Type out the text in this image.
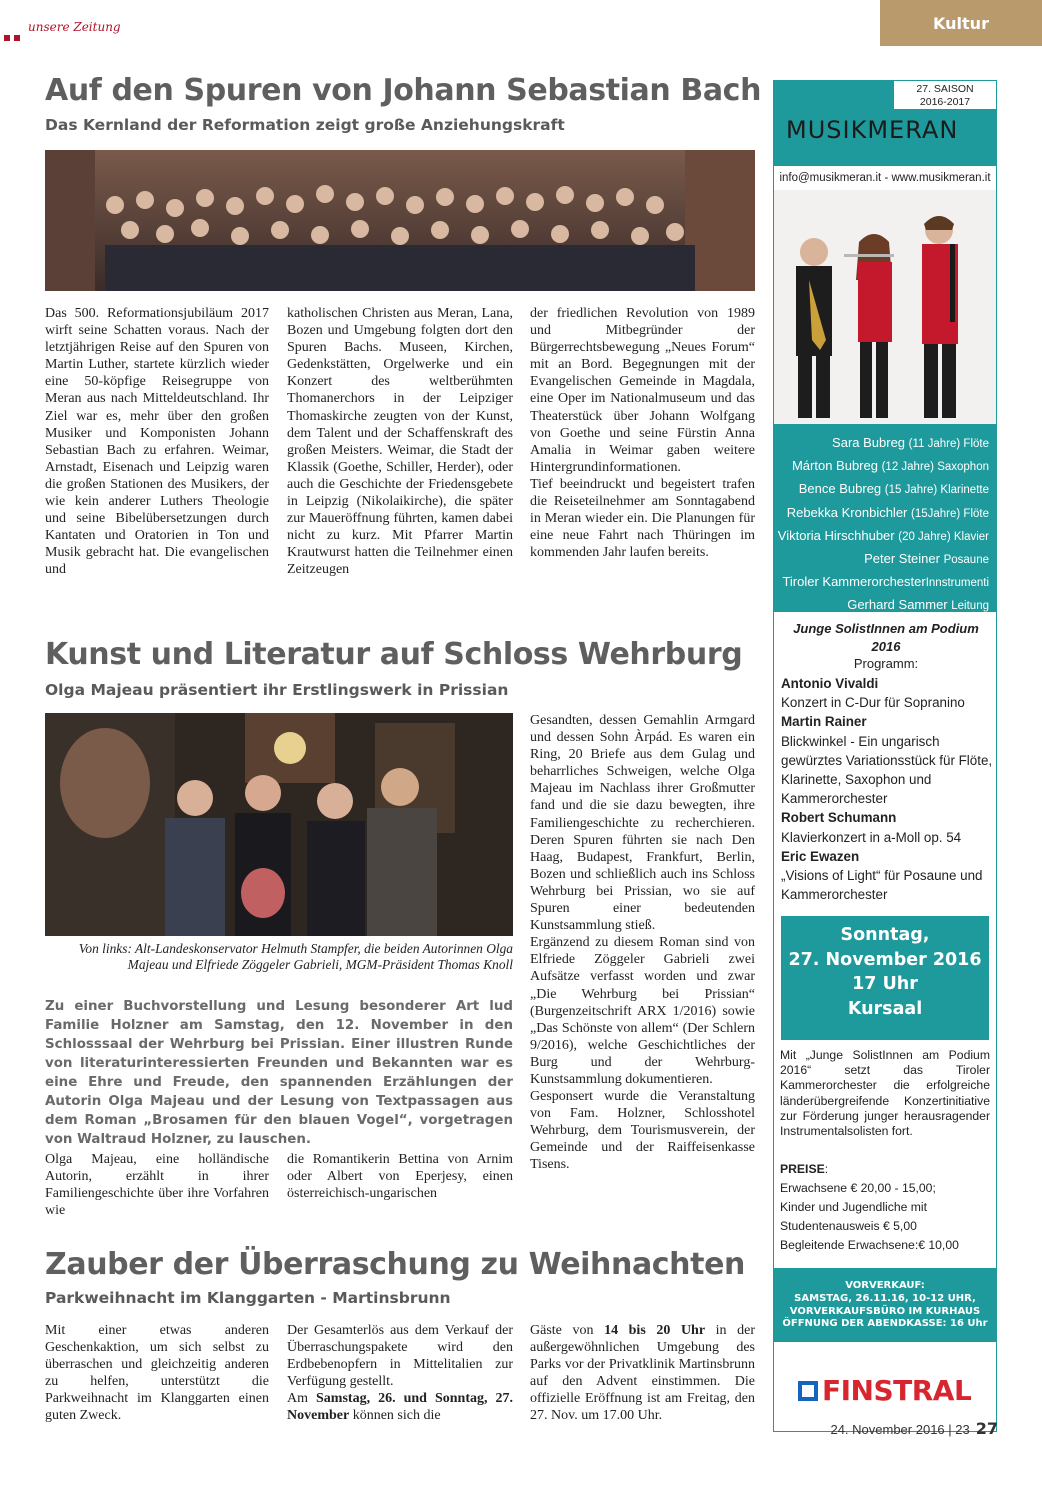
unsere Zeitung	Kultur
Auf den Spuren von Johann Sebastian Bach
Das Kernland der Reformation zeigt große Anziehungskraft
Das 500. Reformationsjubiläum 2017 wirft seine Schatten voraus. Nach der letztjährigen Reise auf den Spuren von Martin Luther, startete kürzlich wieder eine 50-köpfige Reisegruppe von Meran aus nach Mitteldeutschland. Ihr Ziel war es, mehr über den großen Musiker und Komponisten Johann Sebastian Bach zu erfahren. Weimar, Arnstadt, Eisenach und Leipzig waren die großen Stationen des Musikers, der wie kein anderer Luthers Theologie und seine Bibelübersetzungen durch Kantaten und Oratorien in Ton und Musik gebracht hat. Die evangelischen und
katholischen Christen aus Meran, Lana, Bozen und Umgebung folgten dort den Spuren Bachs. Museen, Kirchen, Gedenkstätten, Orgelwerke und ein Konzert des weltberühmten Thomanerchors in der Leipziger Thomaskirche zeugten von der Kunst, dem Talent und der Schaffenskraft des großen Meisters. Weimar, die Stadt der Klassik (Goethe, Schiller, Herder), oder auch die Geschichte der Friedensgebete in Leipzig (Nikolaikirche), die später zur Maueröffnung führten, kamen dabei nicht zu kurz. Mit Pfarrer Martin Krautwurst hatten die Teilnehmer einen Zeitzeugen
der friedlichen Revolution von 1989 und Mitbegründer der Bürgerrechtsbewegung „Neues Forum“ mit an Bord. Begegnungen mit der Evangelischen Gemeinde in Magdala, eine Oper im Nationalmuseum und das Theaterstück über Johann Wolfgang von Goethe und seine Fürstin Anna Amalia in Weimar gaben weitere Hintergrundinformationen.
Tief beeindruckt und begeistert trafen die Reiseteilnehmer am Sonntagabend in Meran wieder ein. Die Planungen für eine neue Fahrt nach Thüringen im kommenden Jahr laufen bereits.
Kunst und Literatur auf Schloss Wehrburg
Olga Majeau präsentiert ihr Erstlingswerk in Prissian
Von links: Alt-Landeskonservator Helmuth Stampfer, die beiden Autorinnen Olga Majeau und Elfriede Zöggeler Gabrieli, MGM-Präsident Thomas Knoll
Zu einer Buchvorstellung und Lesung besonderer Art lud Familie Holzner am Samstag, den 12. November in den Schlosssaal der Wehrburg bei Prissian. Einer illustren Runde von literaturinteressierten Freunden und Bekannten war es eine Ehre und Freude, den spannenden Erzählungen der Autorin Olga Majeau und der Lesung von Textpassagen aus dem Roman „Brosamen für den blauen Vogel“, vorgetragen von Waltraud Holzner, zu lauschen.
Olga Majeau, eine holländische Autorin, erzählt in ihrer Familiengeschichte über ihre Vorfahren wie
die Romantikerin Bettina von Arnim oder Albert von Eperjesy, einen österreichisch-ungarischen
Gesandten, dessen Gemahlin Armgard und dessen Sohn Àrpád. Es waren ein Ring, 20 Briefe aus dem Gulag und beharrliches Schweigen, welche Olga Majeau im Nachlass ihrer Großmutter fand und die sie dazu bewegten, ihre Familiengeschichte zu recherchieren. Deren Spuren führten sie nach Den Haag, Budapest, Frankfurt, Berlin, Bozen und schließlich auch ins Schloss Wehrburg bei Prissian, wo sie auf Spuren einer bedeutenden Kunstsammlung stieß.
Ergänzend zu diesem Roman sind von Elfriede Zöggeler Gabrieli zwei Aufsätze verfasst worden und zwar „Die Wehrburg bei Prissian“ (Burgenzeitschrift ARX 1/2016) sowie „Das Schönste von allem“ (Der Schlern 9/2016), welche Geschichtliches der Burg und der Wehrburg-Kunstsammlung dokumentieren.
Gesponsert wurde die Veranstaltung von Fam. Holzner, Schlosshotel Wehrburg, dem Tourismusverein, der Gemeinde und der Raiffeisenkasse Tisens.
Zauber der Überraschung zu Weihnachten
Parkweihnacht im Klanggarten - Martinsbrunn
Mit einer etwas anderen Geschenkaktion, um sich selbst zu überraschen und gleichzeitig anderen zu helfen, unterstützt die Parkweihnacht im Klanggarten einen guten Zweck.
Der Gesamterlös aus dem Verkauf der Überraschungspakete wird den Erdbebenopfern in Mittelitalien zur Verfügung gestellt.
Am Samstag, 26. und Sonntag, 27. November können sich die
Gäste von 14 bis 20 Uhr in der außergewöhnlichen Umgebung des Parks vor der Privatklinik Martinsbrunn auf den Advent einstimmen. Die offizielle Eröffnung ist am Freitag, den 27. Nov. um 17.00 Uhr.
27. SAISON
2016-2017
MUSIKMERAN
info@musikmeran.it - www.musikmeran.it
Sara Bubreg (11 Jahre) Flöte
Márton Bubreg (12 Jahre) Saxophon
Bence Bubreg (15 Jahre) Klarinette
Rebekka Kronbichler (15Jahre) Flöte
Viktoria Hirschhuber (20 Jahre) Klavier
Peter Steiner Posaune
Tiroler KammerorchesterInnstrumenti
Gerhard Sammer Leitung
Junge SolistInnen am Podium 2016
Programm:
Antonio Vivaldi
Konzert in C-Dur für Sopranino
Martin Rainer
Blickwinkel - Ein ungarisch gewürztes Variationsstück für Flöte, Klarinette, Saxophon und Kammerorchester
Robert Schumann
Klavierkonzert in a-Moll op. 54
Eric Ewazen
„Visions of Light“ für Posaune und Kammerorchester
Sonntag,
27. November 2016
17 Uhr
Kursaal
Mit „Junge SolistInnen am Podium 2016“ setzt das Tiroler Kammerorchester die erfolgreiche länderübergreifende Konzertinitiative zur Förderung junger herausragender Instrumentalsolisten fort.
PREISE:
Erwachsene € 20,00 - 15,00;
Kinder und Jugendliche mit Studentenausweis € 5,00
Begleitende Erwachsene:€ 10,00
VORVERKAUF:
SAMSTAG, 26.11.16, 10-12 UHR,
VORVERKAUFSBÜRO IM KURHAUS
ÖFFNUNG DER ABENDKASSE: 16 Uhr
FINSTRAL
24. November 2016 | 23 27
